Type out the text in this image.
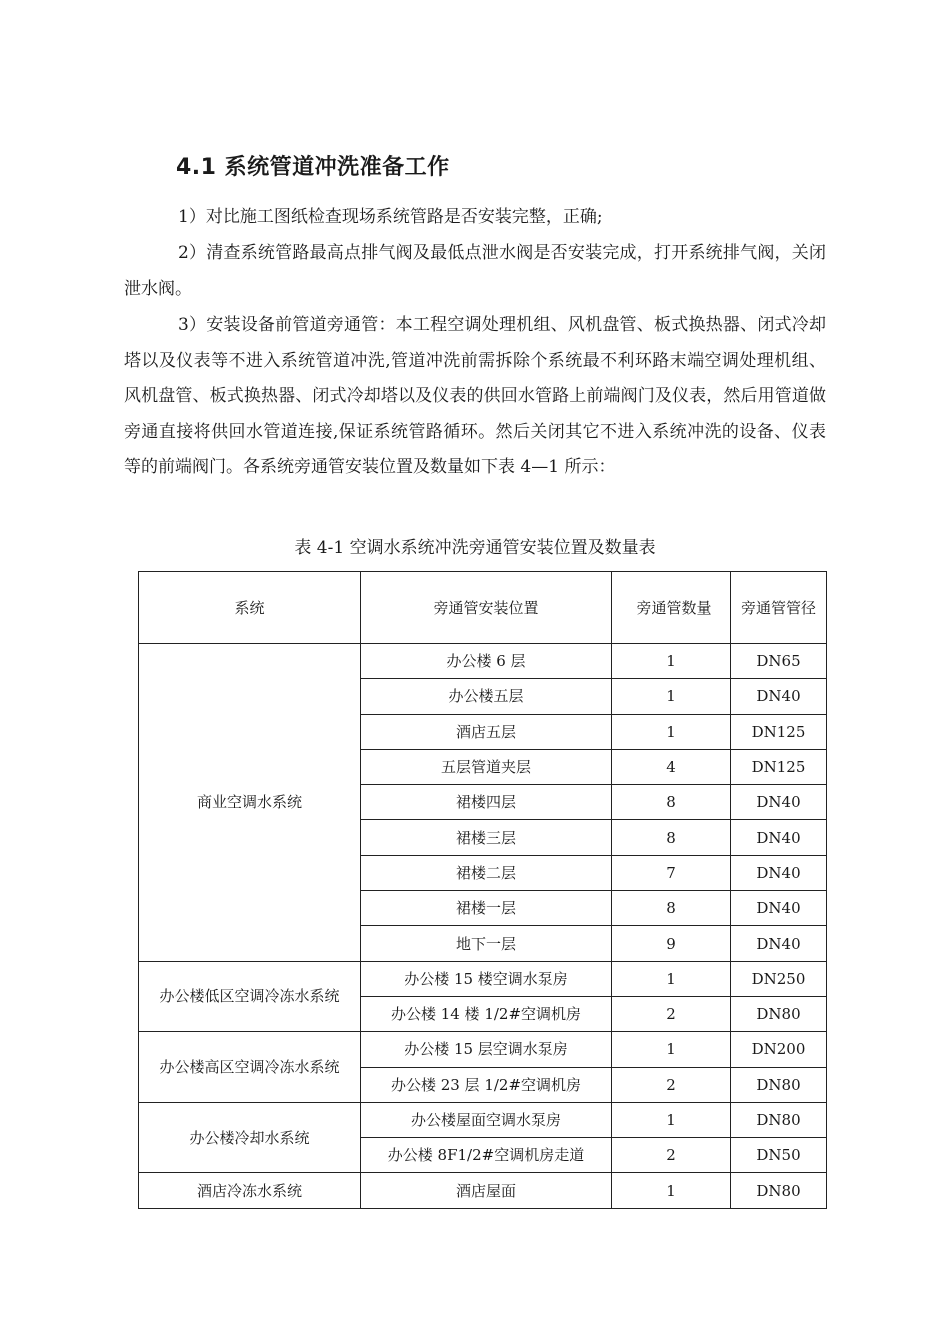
4.1 系统管道冲洗准备工作
1）对比施工图纸检查现场系统管路是否安装完整，正确;
2）清查系统管路最高点排气阀及最低点泄水阀是否安装完成，打开系统排气阀，关闭泄水阀。
3）安装设备前管道旁通管：本工程空调处理机组、风机盘管、板式换热器、闭式冷却塔以及仪表等不进入系统管道冲洗,管道冲洗前需拆除个系统最不利环路末端空调处理机组、风机盘管、板式换热器、闭式冷却塔以及仪表的供回水管路上前端阀门及仪表，然后用管道做旁通直接将供回水管道连接,保证系统管路循环。然后关闭其它不进入系统冲洗的设备、仪表等的前端阀门。各系统旁通管安装位置及数量如下表 4—1 所示：
表 4-1 空调水系统冲洗旁通管安装位置及数量表
系统	旁通管安装位置	旁通管数量	旁通管管径
商业空调水系统	办公楼 6 层	1	DN65
	办公楼五层	1	DN40
	酒店五层	1	DN125
	五层管道夹层	4	DN125
	裙楼四层	8	DN40
	裙楼三层	8	DN40
	裙楼二层	7	DN40
	裙楼一层	8	DN40
	地下一层	9	DN40
办公楼低区空调冷冻水系统	办公楼 15 楼空调水泵房	1	DN250
	办公楼 14 楼 1/2#空调机房	2	DN80
办公楼高区空调冷冻水系统	办公楼 15 层空调水泵房	1	DN200
	办公楼 23 层 1/2#空调机房	2	DN80
办公楼冷却水系统	办公楼屋面空调水泵房	1	DN80
	办公楼 8F1/2#空调机房走道	2	DN50
酒店冷冻水系统	酒店屋面	1	DN80
